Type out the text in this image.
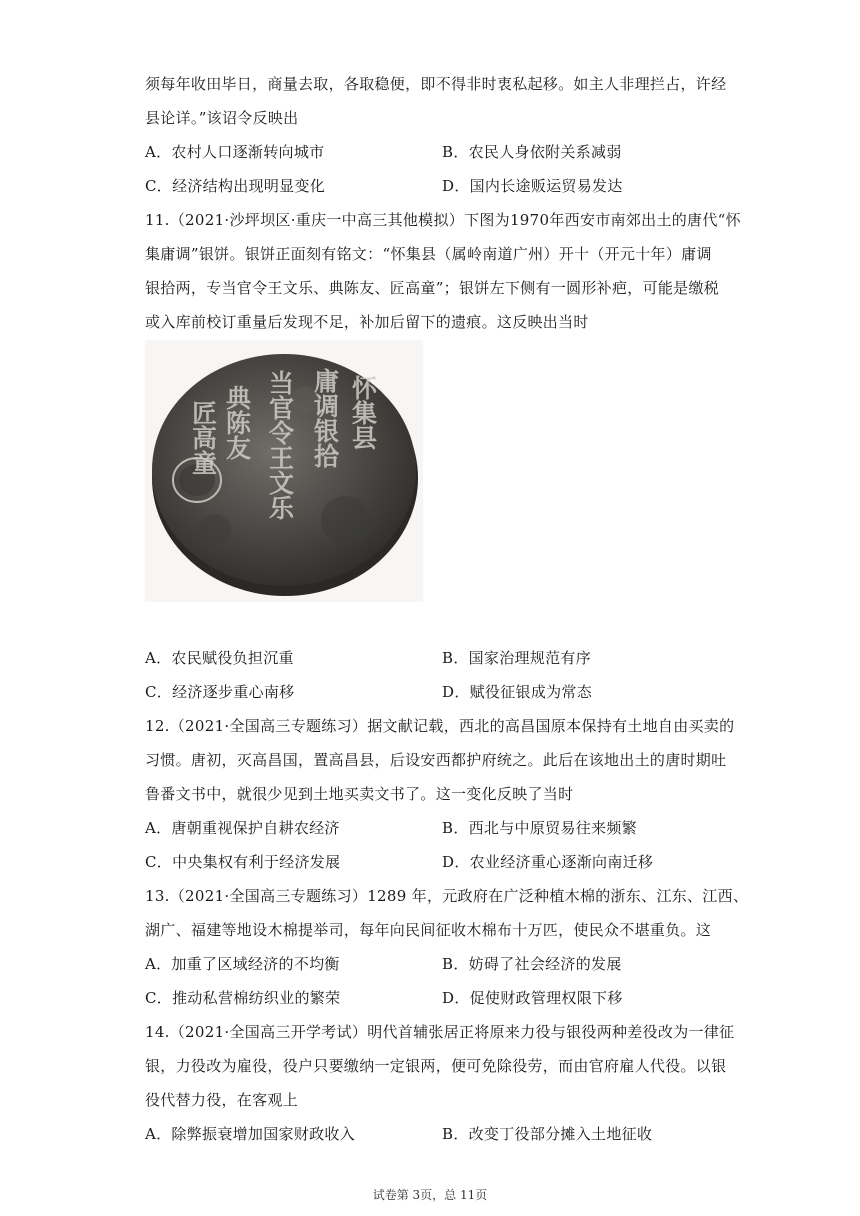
须每年收田毕日，商量去取，各取稳便，即不得非时衷私起移。如主人非理拦占，许经
县论详。”该诏令反映出
A．农村人口逐渐转向城市	B．农民人身依附关系减弱
C．经济结构出现明显变化	D．国内长途贩运贸易发达
11.（2021·沙坪坝区·重庆一中高三其他模拟）下图为1970年西安市南郊出土的唐代“怀
集庸调”银饼。银饼正面刻有铭文：“怀集县（属岭南道广州）开十（开元十年）庸调
银拾两，专当官令王文乐、典陈友、匠高童”；银饼左下侧有一圆形补疤，可能是缴税
或入库前校订重量后发现不足，补加后留下的遗痕。这反映出当时
怀集县
庸调银拾
当官令王文乐
典陈友
匠高童
A．农民赋役负担沉重	B．国家治理规范有序
C．经济逐步重心南移	D．赋役征银成为常态
12.（2021·全国高三专题练习）据文献记载，西北的高昌国原本保持有土地自由买卖的
习惯。唐初，灭高昌国，置高昌县，后设安西都护府统之。此后在该地出土的唐时期吐
鲁番文书中，就很少见到土地买卖文书了。这一变化反映了当时
A．唐朝重视保护自耕农经济	B．西北与中原贸易往来频繁
C．中央集权有利于经济发展	D．农业经济重心逐渐向南迁移
13.（2021·全国高三专题练习）1289 年，元政府在广泛种植木棉的浙东、江东、江西、
湖广、福建等地设木棉提举司，每年向民间征收木棉布十万匹，使民众不堪重负。这
A．加重了区域经济的不均衡	B．妨碍了社会经济的发展
C．推动私营棉纺织业的繁荣	D．促使财政管理权限下移
14.（2021·全国高三开学考试）明代首辅张居正将原来力役与银役两种差役改为一律征
银，力役改为雇役，役户只要缴纳一定银两，便可免除役劳，而由官府雇人代役。以银
役代替力役，在客观上
A．除弊振衰增加国家财政收入	B．改变丁役部分摊入土地征收
试卷第 3页，总 11页
